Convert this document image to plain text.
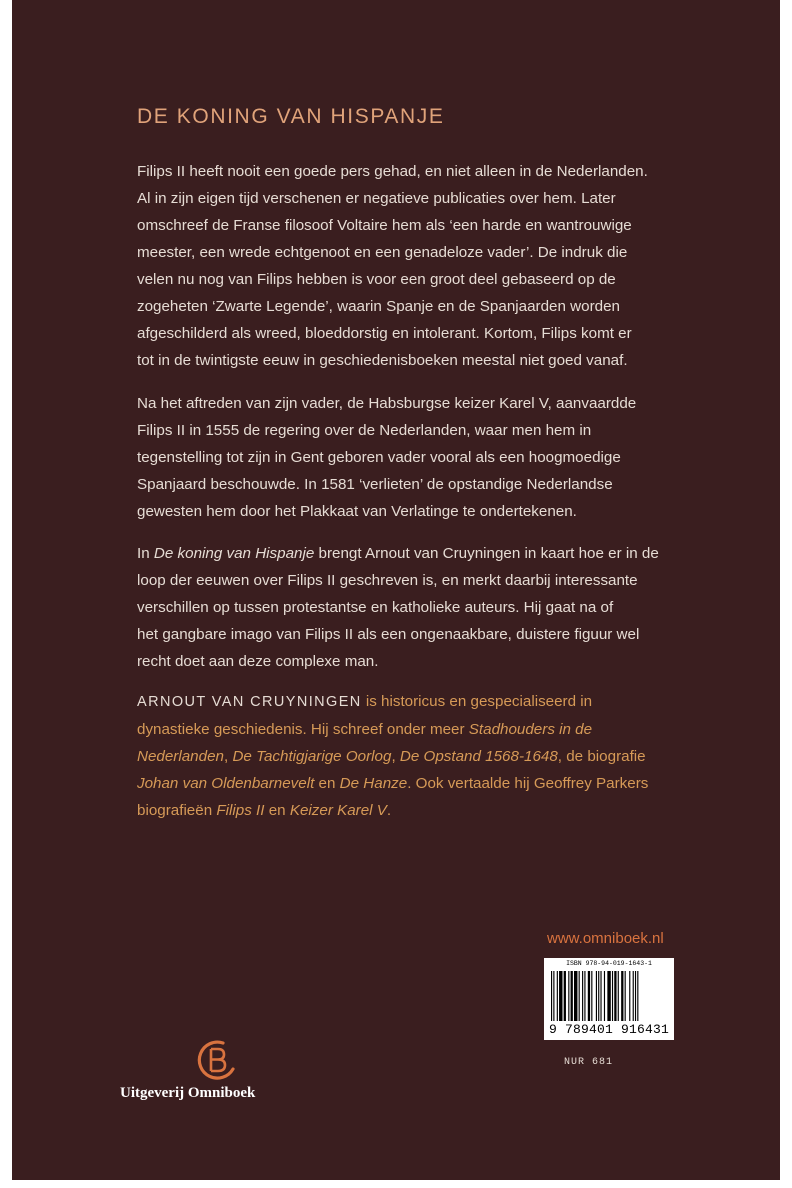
DE KONING VAN HISPANJE

Filips II heeft nooit een goede pers gehad, en niet alleen in de Nederlanden.
Al in zijn eigen tijd verschenen er negatieve publicaties over hem. Later
omschreef de Franse filosoof Voltaire hem als ‘een harde en wantrouwige
meester, een wrede echtgenoot en een genadeloze vader’. De indruk die
velen nu nog van Filips hebben is voor een groot deel gebaseerd op de
zogeheten ‘Zwarte Legende’, waarin Spanje en de Spanjaarden worden
afgeschilderd als wreed, bloeddorstig en intolerant. Kortom, Filips komt er
tot in de twintigste eeuw in geschiedenisboeken meestal niet goed vanaf.

Na het aftreden van zijn vader, de Habsburgse keizer Karel V, aanvaardde
Filips II in 1555 de regering over de Nederlanden, waar men hem in
tegenstelling tot zijn in Gent geboren vader vooral als een hoogmoedige
Spanjaard beschouwde. In 1581 ‘verlieten’ de opstandige Nederlandse
gewesten hem door het Plakkaat van Verlatinge te ondertekenen.

In De koning van Hispanje brengt Arnout van Cruyningen in kaart hoe er in de
loop der eeuwen over Filips II geschreven is, en merkt daarbij interessante
verschillen op tussen protestantse en katholieke auteurs. Hij gaat na of
het gangbare imago van Filips II als een ongenaakbare, duistere figuur wel
recht doet aan deze complexe man.

ARNOUT VAN CRUYNINGEN is historicus en gespecialiseerd in
dynastieke geschiedenis. Hij schreef onder meer Stadhouders in de
Nederlanden, De Tachtigjarige Oorlog, De Opstand 1568-1648, de biografie
Johan van Oldenbarnevelt en De Hanze. Ook vertaalde hij Geoffrey Parkers
biografieën Filips II en Keizer Karel V.

www.omniboek.nl
ISBN 978-94-019-1643-1
9 789401 916431
NUR 681
Uitgeverij Omniboek
